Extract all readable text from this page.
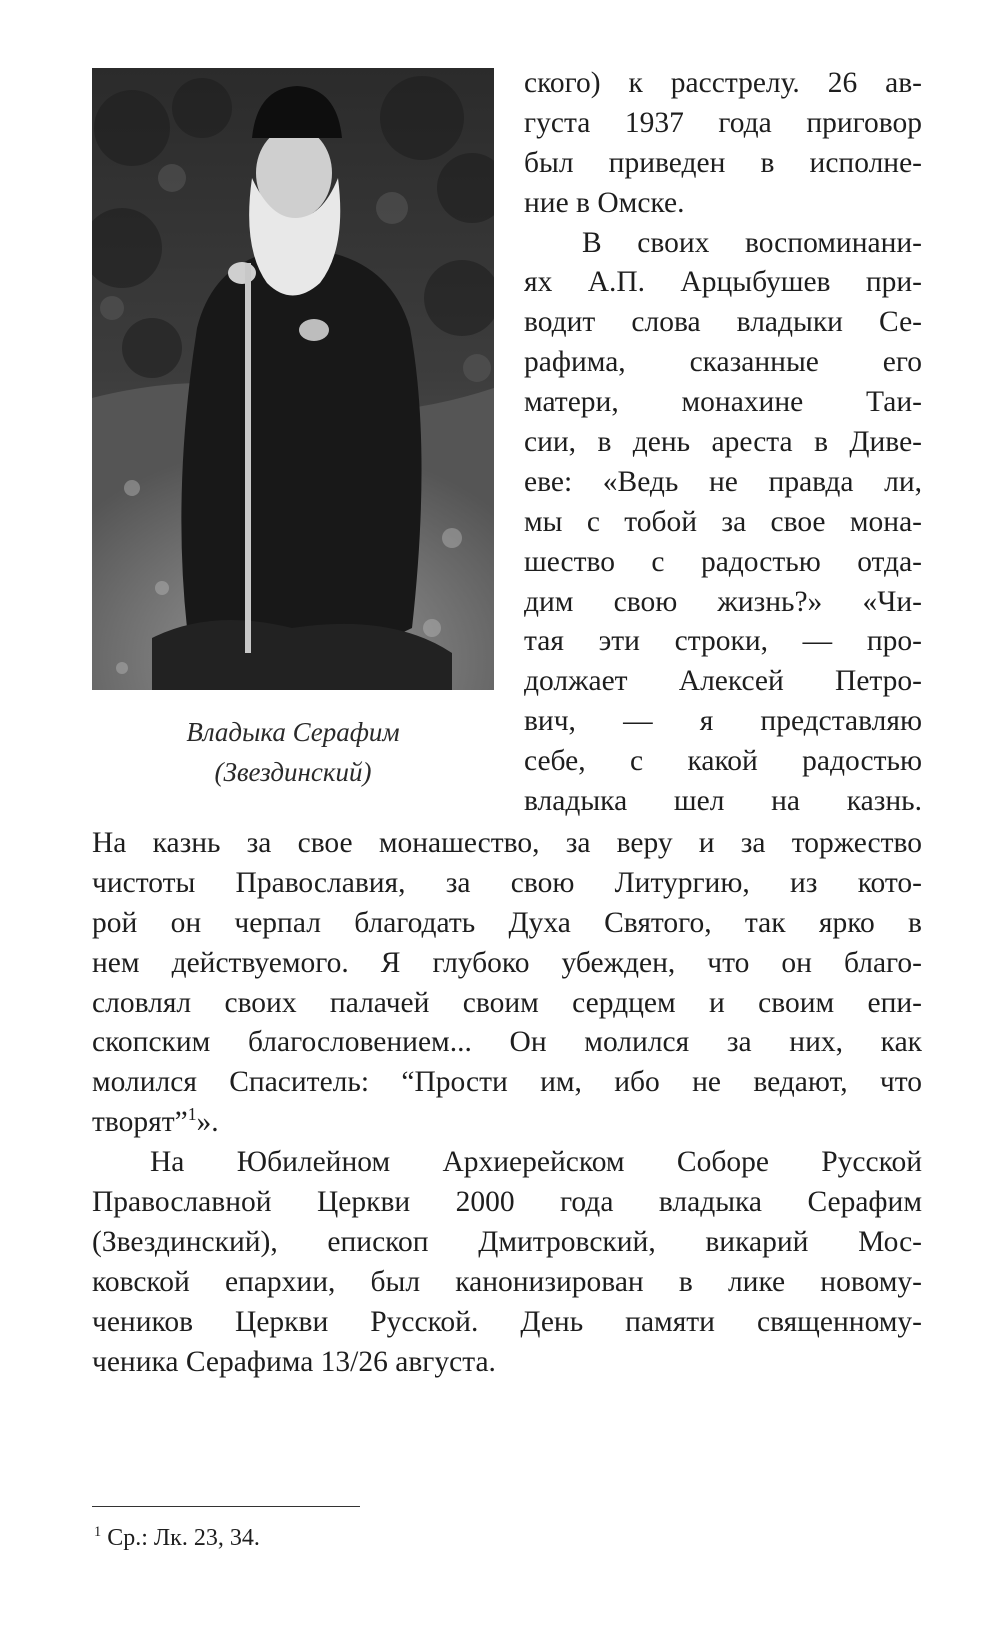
Владыка Серафим
(Звездинский)
ского) к расстрелу. 26 ав-
густа 1937 года приговор
был приведен в исполне-
ние в Омске.
В своих воспоминани-
ях А.П. Арцыбушев при-
водит слова владыки Се-
рафима, сказанные его
матери, монахине Таи-
сии, в день ареста в Диве-
еве: «Ведь не правда ли,
мы с тобой за свое мона-
шество с радостью отда-
дим свою жизнь?» «Чи-
тая эти строки, — про-
должает Алексей Петро-
вич, — я представляю
себе, с какой радостью
владыка шел на казнь.
На казнь за свое монашество, за веру и за торжество
чистоты Православия, за свою Литургию, из кото-
рой он черпал благодать Духа Святого, так ярко в
нем действуемого. Я глубоко убежден, что он благо-
словлял своих палачей своим сердцем и своим епи-
скопским благословением... Он молился за них, как
молился Спаситель: “Прости им, ибо не ведают, что
творят”$^1$».
На Юбилейном Архиерейском Соборе Русской
Православной Церкви 2000 года владыка Серафим
(Звездинский), епископ Дмитровский, викарий Мос-
ковской епархии, был канонизирован в лике новому-
чеников Церкви Русской. День памяти священному-
ченика Серафима 13/26 августа.
$^1$ Ср.: Лк. 23, 34.
